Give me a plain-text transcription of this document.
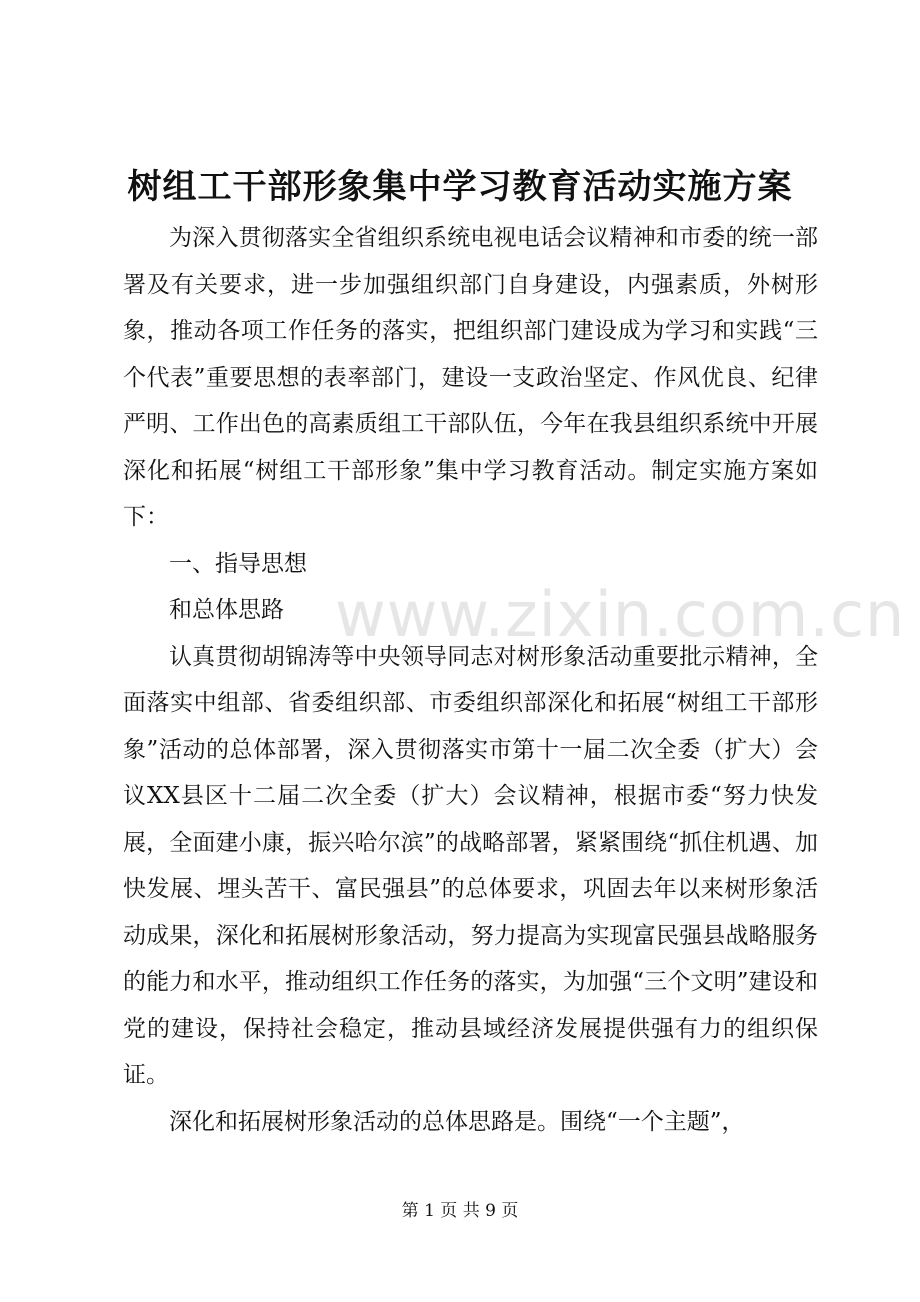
www.zixin.com.cn
树组工干部形象集中学习教育活动实施方案

为深入贯彻落实全省组织系统电视电话会议精神和市委的统一部署及有关要求，进一步加强组织部门自身建设，内强素质，外树形象，推动各项工作任务的落实，把组织部门建设成为学习和实践“三个代表”重要思想的表率部门，建设一支政治坚定、作风优良、纪律严明、工作出色的高素质组工干部队伍，今年在我县组织系统中开展深化和拓展“树组工干部形象”集中学习教育活动。制定实施方案如下：

一、指导思想

和总体思路

认真贯彻胡锦涛等中央领导同志对树形象活动重要批示精神，全面落实中组部、省委组织部、市委组织部深化和拓展“树组工干部形象”活动的总体部署，深入贯彻落实市第十一届二次全委（扩大）会议XX县区十二届二次全委（扩大）会议精神，根据市委“努力快发展，全面建小康，振兴哈尔滨”的战略部署，紧紧围绕“抓住机遇、加快发展、埋头苦干、富民强县”的总体要求，巩固去年以来树形象活动成果，深化和拓展树形象活动，努力提高为实现富民强县战略服务的能力和水平，推动组织工作任务的落实，为加强“三个文明”建设和党的建设，保持社会稳定，推动县域经济发展提供强有力的组织保证。

深化和拓展树形象活动的总体思路是。围绕“一个主题”，

第 1 页 共 9 页
